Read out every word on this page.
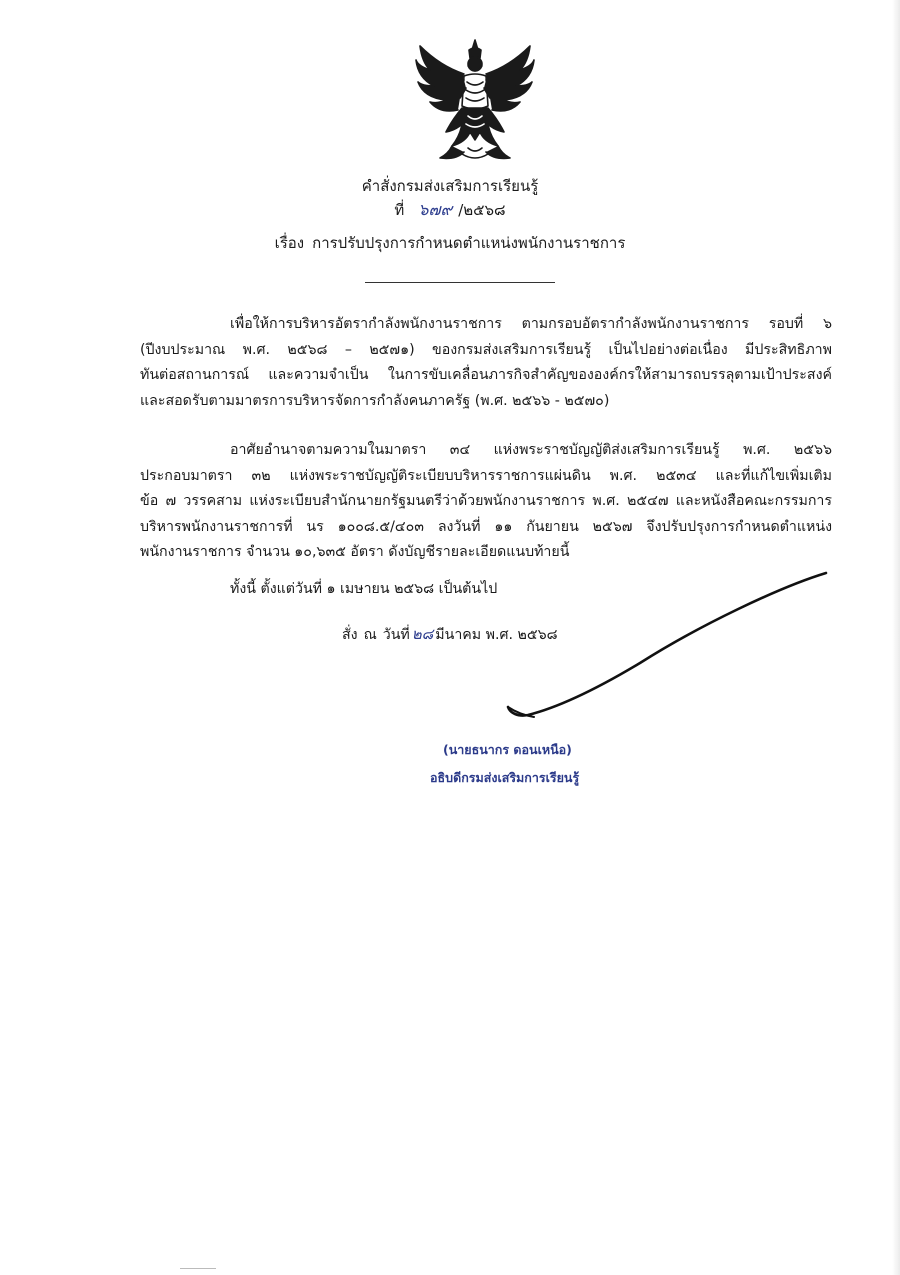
คำสั่งกรมส่งเสริมการเรียนรู้
ที่ ๖๗๙ /๒๕๖๘
เรื่อง การปรับปรุงการกำหนดตำแหน่งพนักงานราชการ
เพื่อให้การบริหารอัตรากำลังพนักงานราชการ ตามกรอบอัตรากำลังพนักงานราชการ รอบที่ ๖
(ปีงบประมาณ พ.ศ. ๒๕๖๘ – ๒๕๗๑) ของกรมส่งเสริมการเรียนรู้ เป็นไปอย่างต่อเนื่อง มีประสิทธิภาพ
ทันต่อสถานการณ์ และความจำเป็น ในการขับเคลื่อนภารกิจสำคัญขององค์กรให้สามารถบรรลุตามเป้าประสงค์
และสอดรับตามมาตรการบริหารจัดการกำลังคนภาครัฐ (พ.ศ. ๒๕๖๖ - ๒๕๗๐)
อาศัยอำนาจตามความในมาตรา ๓๔ แห่งพระราชบัญญัติส่งเสริมการเรียนรู้ พ.ศ. ๒๕๖๖
ประกอบมาตรา ๓๒ แห่งพระราชบัญญัติระเบียบบริหารราชการแผ่นดิน พ.ศ. ๒๕๓๔ และที่แก้ไขเพิ่มเติม
ข้อ ๗ วรรคสาม แห่งระเบียบสำนักนายกรัฐมนตรีว่าด้วยพนักงานราชการ พ.ศ. ๒๕๔๗ และหนังสือคณะกรรมการ
บริหารพนักงานราชการที่ นร ๑๐๐๘.๕/๔๐๓ ลงวันที่ ๑๑ กันยายน ๒๕๖๗ จึงปรับปรุงการกำหนดตำแหน่ง
พนักงานราชการ จำนวน ๑๐,๖๓๕ อัตรา ดังบัญชีรายละเอียดแนบท้ายนี้
ทั้งนี้ ตั้งแต่วันที่ ๑ เมษายน ๒๕๖๘ เป็นต้นไป
สั่ง ณ วันที่ ๒๘ มีนาคม พ.ศ. ๒๕๖๘
(นายธนากร ดอนเหนือ)
อธิบดีกรมส่งเสริมการเรียนรู้
